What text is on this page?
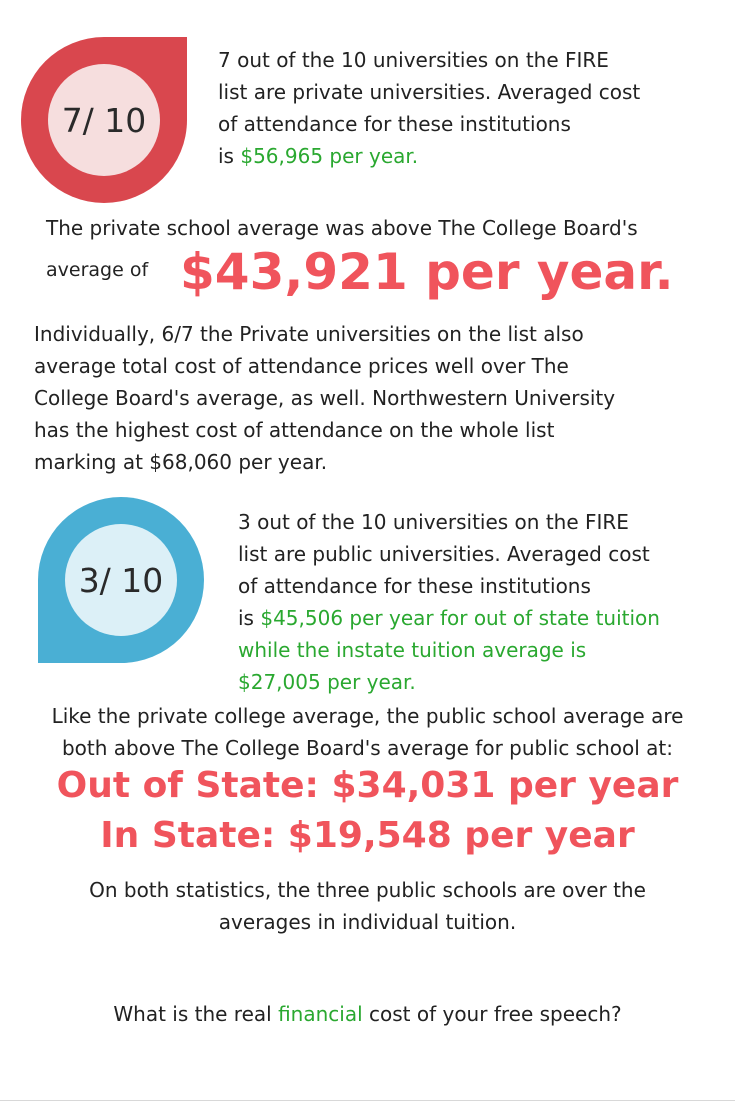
7/ 10
7 out of the 10 universities on the FIRE
list are private universities. Averaged cost
of attendance for these institutions
is $56,965 per year.
The private school average was above The College Board's
average of $43,921 per year.
Individually, 6/7 the Private universities on the list also
average total cost of attendance prices well over The
College Board's average, as well. Northwestern University
has the highest cost of attendance on the whole list
marking at $68,060 per year.
3/ 10
3 out of the 10 universities on the FIRE
list are public universities. Averaged cost
of attendance for these institutions
is $45,506 per year for out of state tuition
while the instate tuition average is
$27,005 per year.
Like the private college average, the public school average are
both above The College Board's average for public school at:
Out of State: $34,031 per year
In State: $19,548 per year
On both statistics, the three public schools are over the
averages in individual tuition.
What is the real financial cost of your free speech?
